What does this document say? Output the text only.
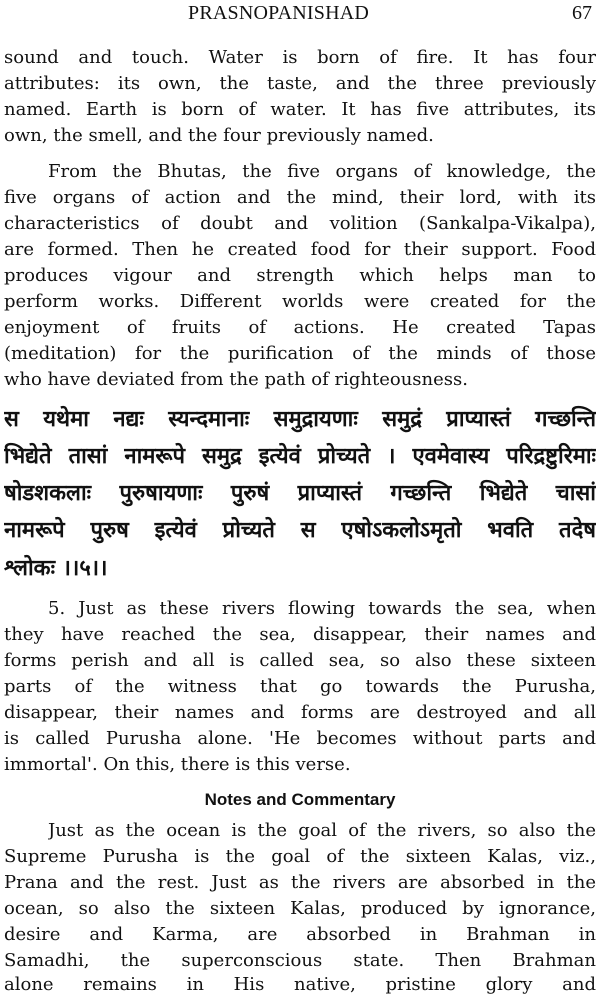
PRASNOPANISHAD	67
sound and touch. Water is born of fire. It has four
attributes: its own, the taste, and the three previously
named. Earth is born of water. It has five attributes, its
own, the smell, and the four previously named.
From the Bhutas, the five organs of knowledge, the
five organs of action and the mind, their lord, with its
characteristics of doubt and volition (Sankalpa-Vikalpa),
are formed. Then he created food for their support. Food
produces vigour and strength which helps man to
perform works. Different worlds were created for the
enjoyment of fruits of actions. He created Tapas
(meditation) for the purification of the minds of those
who have deviated from the path of righteousness.
स यथेमा नद्यः स्यन्दमानाः समुद्रायणाः समुद्रं प्राप्यास्तं गच्छन्ति
भिद्येते तासां नामरूपे समुद्र इत्येवं प्रोच्यते । एवमेवास्य परिद्रष्टुरिमाः
षोडशकलाः पुरुषायणाः पुरुषं प्राप्यास्तं गच्छन्ति भिद्येते चासां
नामरूपे पुरुष इत्येवं प्रोच्यते स एषोऽकलोऽमृतो भवति तदेष
श्लोकः ।।५।।
5. Just as these rivers flowing towards the sea, when
they have reached the sea, disappear, their names and
forms perish and all is called sea, so also these sixteen
parts of the witness that go towards the Purusha,
disappear, their names and forms are destroyed and all
is called Purusha alone. 'He becomes without parts and
immortal'. On this, there is this verse.
Notes and Commentary
Just as the ocean is the goal of the rivers, so also the
Supreme Purusha is the goal of the sixteen Kalas, viz.,
Prana and the rest. Just as the rivers are absorbed in the
ocean, so also the sixteen Kalas, produced by ignorance,
desire and Karma, are absorbed in Brahman in
Samadhi, the superconscious state. Then Brahman
alone remains in His native, pristine glory and
